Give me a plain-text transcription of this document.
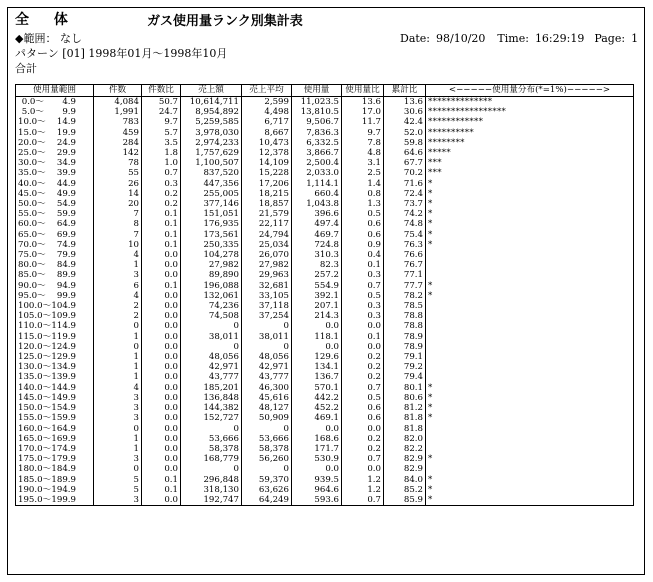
全 体	ガス使用量ランク別集計表
Date: 98/10/20 Time: 16:29:19 Page: 1
◆範囲： なし
パターン [01] 1998年01月〜1998年10月
合計
使用量範囲	件数	件数比	売上額	売上平均	使用量	使用量比	累計比	<−−−−−使用量分布(*=1%)−−−−−>
0.0〜 4.9	4,084	50.7	10,614,711	2,599	11,023.5	13.6	13.6	**************
5.0〜 9.9	1,991	24.7	8,954,892	4,498	13,810.5	17.0	30.6	*****************
10.0〜 14.9	783	9.7	5,259,585	6,717	9,506.7	11.7	42.4	************
15.0〜 19.9	459	5.7	3,978,030	8,667	7,836.3	9.7	52.0	**********
20.0〜 24.9	284	3.5	2,974,233	10,473	6,332.5	7.8	59.8	********
25.0〜 29.9	142	1.8	1,757,629	12,378	3,866.7	4.8	64.6	*****
30.0〜 34.9	78	1.0	1,100,507	14,109	2,500.4	3.1	67.7	***
35.0〜 39.9	55	0.7	837,520	15,228	2,033.0	2.5	70.2	***
40.0〜 44.9	26	0.3	447,356	17,206	1,114.1	1.4	71.6	*
45.0〜 49.9	14	0.2	255,005	18,215	660.4	0.8	72.4	*
50.0〜 54.9	20	0.2	377,146	18,857	1,043.8	1.3	73.7	*
55.0〜 59.9	7	0.1	151,051	21,579	396.6	0.5	74.2	*
60.0〜 64.9	8	0.1	176,935	22,117	497.4	0.6	74.8	*
65.0〜 69.9	7	0.1	173,561	24,794	469.7	0.6	75.4	*
70.0〜 74.9	10	0.1	250,335	25,034	724.8	0.9	76.3	*
75.0〜 79.9	4	0.0	104,278	26,070	310.3	0.4	76.6	
80.0〜 84.9	1	0.0	27,982	27,982	82.3	0.1	76.7	
85.0〜 89.9	3	0.0	89,890	29,963	257.2	0.3	77.1	
90.0〜 94.9	6	0.1	196,088	32,681	554.9	0.7	77.7	*
95.0〜 99.9	4	0.0	132,061	33,105	392.1	0.5	78.2	*
100.0〜104.9	2	0.0	74,236	37,118	207.1	0.3	78.5	
105.0〜109.9	2	0.0	74,508	37,254	214.3	0.3	78.8	
110.0〜114.9	0	0.0	0	0	0.0	0.0	78.8	
115.0〜119.9	1	0.0	38,011	38,011	118.1	0.1	78.9	
120.0〜124.9	0	0.0	0	0	0.0	0.0	78.9	
125.0〜129.9	1	0.0	48,056	48,056	129.6	0.2	79.1	
130.0〜134.9	1	0.0	42,971	42,971	134.1	0.2	79.2	
135.0〜139.9	1	0.0	43,777	43,777	136.7	0.2	79.4	
140.0〜144.9	4	0.0	185,201	46,300	570.1	0.7	80.1	*
145.0〜149.9	3	0.0	136,848	45,616	442.2	0.5	80.6	*
150.0〜154.9	3	0.0	144,382	48,127	452.2	0.6	81.2	*
155.0〜159.9	3	0.0	152,727	50,909	469.1	0.6	81.8	*
160.0〜164.9	0	0.0	0	0	0.0	0.0	81.8	
165.0〜169.9	1	0.0	53,666	53,666	168.6	0.2	82.0	
170.0〜174.9	1	0.0	58,378	58,378	171.7	0.2	82.2	
175.0〜179.9	3	0.0	168,779	56,260	530.9	0.7	82.9	*
180.0〜184.9	0	0.0	0	0	0.0	0.0	82.9	
185.0〜189.9	5	0.1	296,848	59,370	939.5	1.2	84.0	*
190.0〜194.9	5	0.1	318,130	63,626	964.6	1.2	85.2	*
195.0〜199.9	3	0.0	192,747	64,249	593.6	0.7	85.9	*
